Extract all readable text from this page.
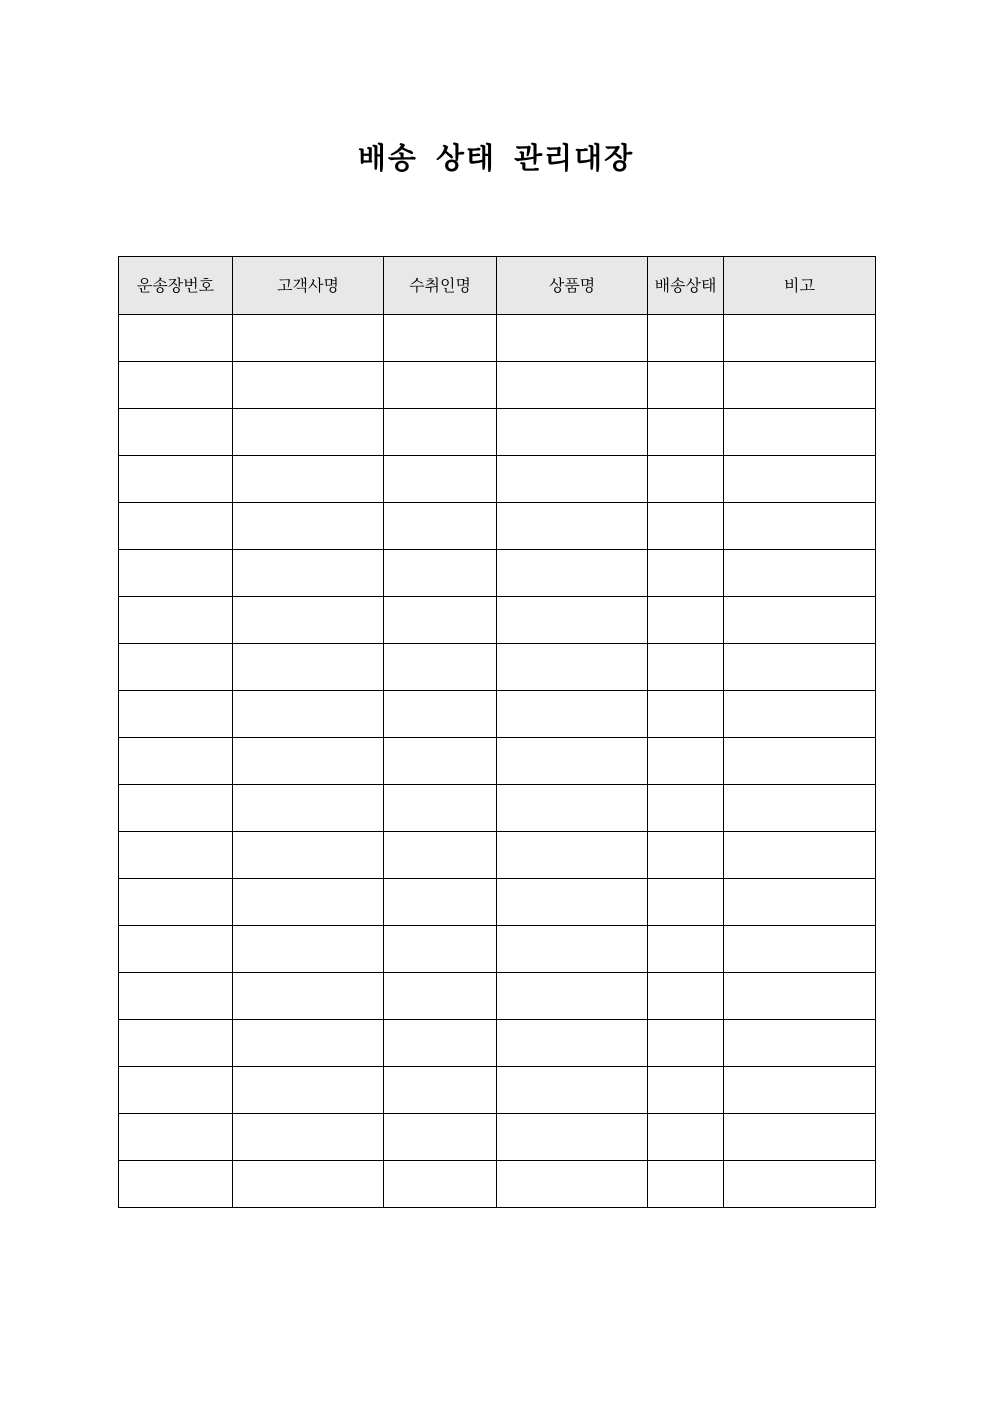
배송 상태 관리대장
운송장번호	고객사명	수취인명	상품명	배송상태	비고
